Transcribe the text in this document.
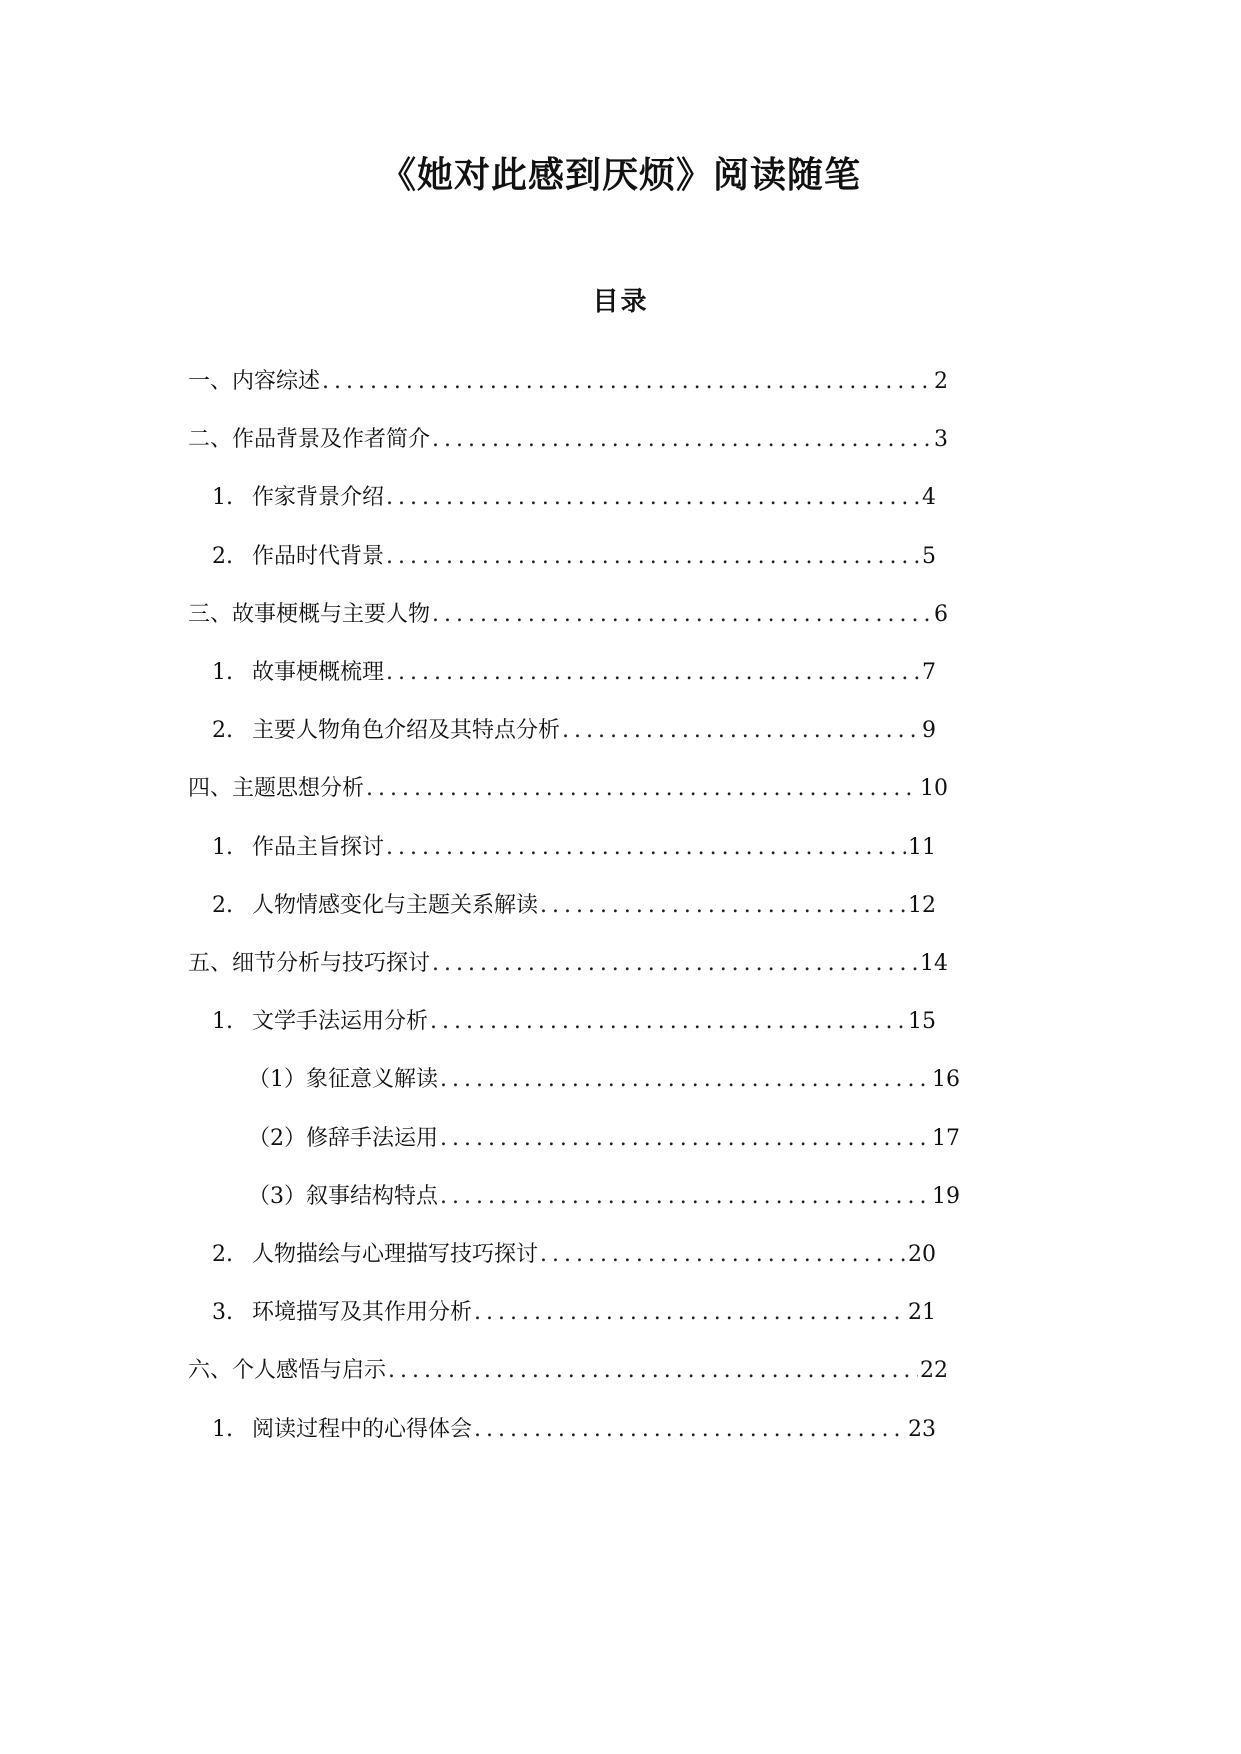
《她对此感到厌烦》阅读随笔
目录
一、内容综述 . . .	2
二、作品背景及作者简介 . . .	3
1. 作家背景介绍 . . .	4
2. 作品时代背景 . . .	5
三、故事梗概与主要人物 . . .	6
1. 故事梗概梳理 . . .	7
2. 主要人物角色介绍及其特点分析 . . .	9
四、主题思想分析 . . .	10
1. 作品主旨探讨 . . .	11
2. 人物情感变化与主题关系解读 . . .	12
五、细节分析与技巧探讨 . . .	14
1. 文学手法运用分析 . . .	15
（1）象征意义解读 . . .	16
（2）修辞手法运用 . . .	17
（3）叙事结构特点 . . .	19
2. 人物描绘与心理描写技巧探讨 . . .	20
3. 环境描写及其作用分析 . . .	21
六、个人感悟与启示 . . .	22
1. 阅读过程中的心得体会 . . .	23
